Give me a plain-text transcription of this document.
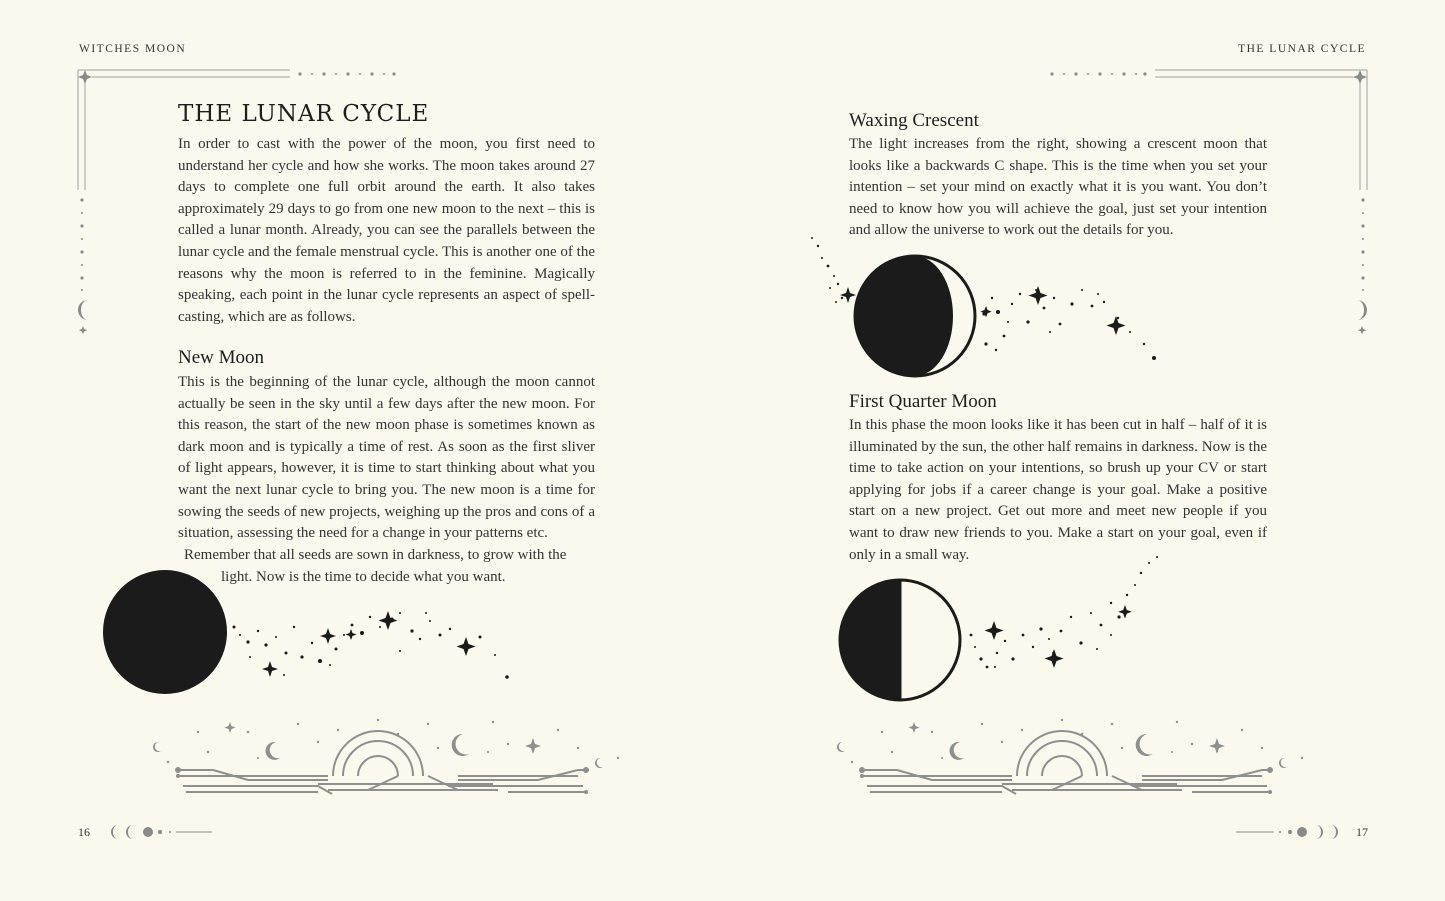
WITCHES MOON	THE LUNAR CYCLE
THE LUNAR CYCLE
In order to cast with the power of the moon, you first need to understand her cycle and how she works. The moon takes around 27 days to complete one full orbit around the earth. It also takes approximately 29 days to go from one new moon to the next – this is called a lunar month. Already, you can see the parallels between the lunar cycle and the female menstrual cycle. This is another one of the reasons why the moon is referred to in the feminine. Magically speaking, each point in the lunar cycle represents an aspect of spell-casting, which are as follows.
New Moon
This is the beginning of the lunar cycle, although the moon cannot actually be seen in the sky until a few days after the new moon. For this reason, the start of the new moon phase is sometimes known as dark moon and is typically a time of rest. As soon as the first sliver of light appears, however, it is time to start thinking about what you want the next lunar cycle to bring you. The new moon is a time for sowing the seeds of new projects, weighing up the pros and cons of a situation, assessing the need for a change in your patterns etc.
Remember that all seeds are sown in darkness, to grow with the
light. Now is the time to decide what you want.
16
Waxing Crescent
The light increases from the right, showing a crescent moon that looks like a backwards C shape. This is the time when you set your intention – set your mind on exactly what it is you want. You don’t need to know how you will achieve the goal, just set your intention and allow the universe to work out the details for you.
First Quarter Moon
In this phase the moon looks like it has been cut in half – half of it is illuminated by the sun, the other half remains in darkness. Now is the time to take action on your intentions, so brush up your CV or start applying for jobs if a career change is your goal. Make a positive start on a new project. Get out more and meet new people if you want to draw new friends to you. Make a start on your goal, even if only in a small way.
17
